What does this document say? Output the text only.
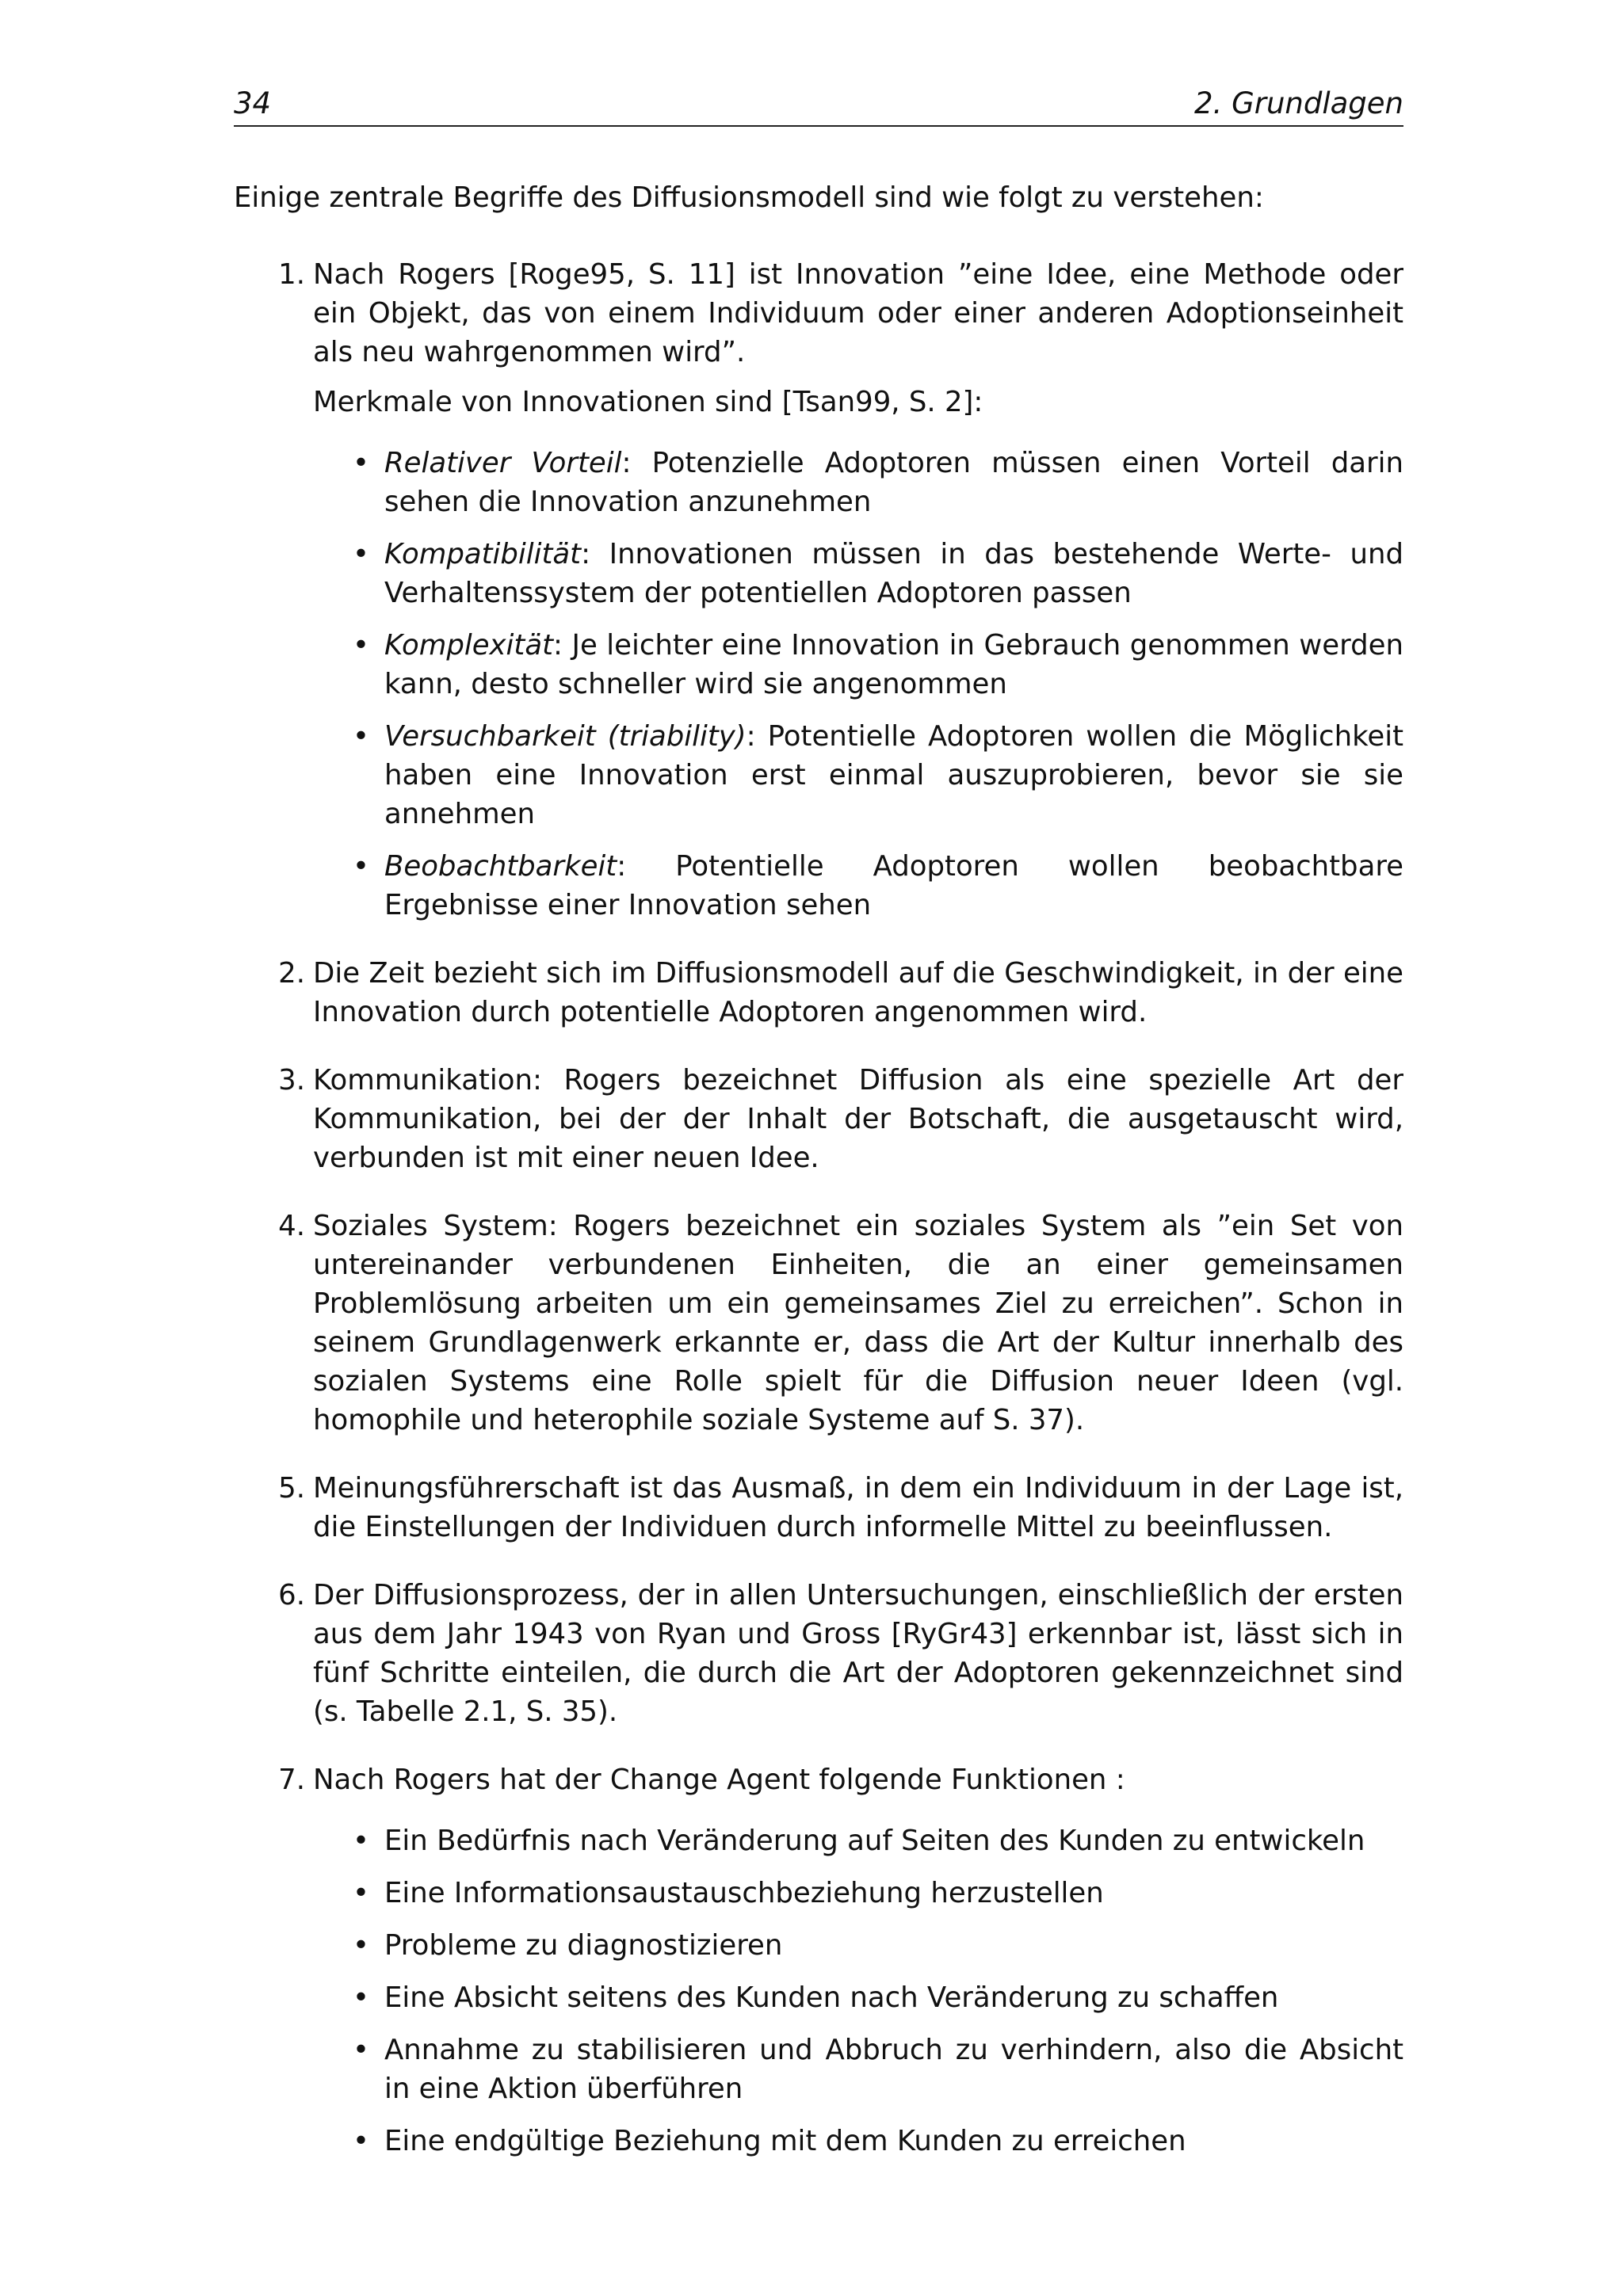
34	2. Grundlagen

Einige zentrale Begriffe des Diffusionsmodell sind wie folgt zu verstehen:

1. Nach Rogers [Roge95, S. 11] ist Innovation ”eine Idee, eine Methode oder ein Objekt, das von einem Individuum oder einer anderen Adoptionseinheit als neu wahrgenommen wird”.

Merkmale von Innovationen sind [Tsan99, S. 2]:

• Relativer Vorteil: Potenzielle Adoptoren müssen einen Vorteil darin sehen die Innovation anzunehmen
• Kompatibilität: Innovationen müssen in das bestehende Werte- und Verhaltenssystem der potentiellen Adoptoren passen
• Komplexität: Je leichter eine Innovation in Gebrauch genommen werden kann, desto schneller wird sie angenommen
• Versuchbarkeit (triability): Potentielle Adoptoren wollen die Möglichkeit haben eine Innovation erst einmal auszuprobieren, bevor sie sie annehmen
• Beobachtbarkeit: Potentielle Adoptoren wollen beobachtbare Ergebnisse einer Innovation sehen
2. Die Zeit bezieht sich im Diffusionsmodell auf die Geschwindigkeit, in der eine Innovation durch potentielle Adoptoren angenommen wird.

3. Kommunikation: Rogers bezeichnet Diffusion als eine spezielle Art der Kommunikation, bei der der Inhalt der Botschaft, die ausgetauscht wird, verbunden ist mit einer neuen Idee.

4. Soziales System: Rogers bezeichnet ein soziales System als ”ein Set von untereinander verbundenen Einheiten, die an einer gemeinsamen Problemlösung arbeiten um ein gemeinsames Ziel zu erreichen”. Schon in seinem Grundlagenwerk erkannte er, dass die Art der Kultur innerhalb des sozialen Systems eine Rolle spielt für die Diffusion neuer Ideen (vgl. homophile und heterophile soziale Systeme auf S. 37).

5. Meinungsführerschaft ist das Ausmaß, in dem ein Individuum in der Lage ist, die Einstellungen der Individuen durch informelle Mittel zu beeinflussen.

6. Der Diffusionsprozess, der in allen Untersuchungen, einschließlich der ersten aus dem Jahr 1943 von Ryan und Gross [RyGr43] erkennbar ist, lässt sich in fünf Schritte einteilen, die durch die Art der Adoptoren gekennzeichnet sind (s. Tabelle 2.1, S. 35).

7. Nach Rogers hat der Change Agent folgende Funktionen :

• Ein Bedürfnis nach Veränderung auf Seiten des Kunden zu entwickeln
• Eine Informationsaustauschbeziehung herzustellen
• Probleme zu diagnostizieren
• Eine Absicht seitens des Kunden nach Veränderung zu schaffen
• Annahme zu stabilisieren und Abbruch zu verhindern, also die Absicht in eine Aktion überführen
• Eine endgültige Beziehung mit dem Kunden zu erreichen
